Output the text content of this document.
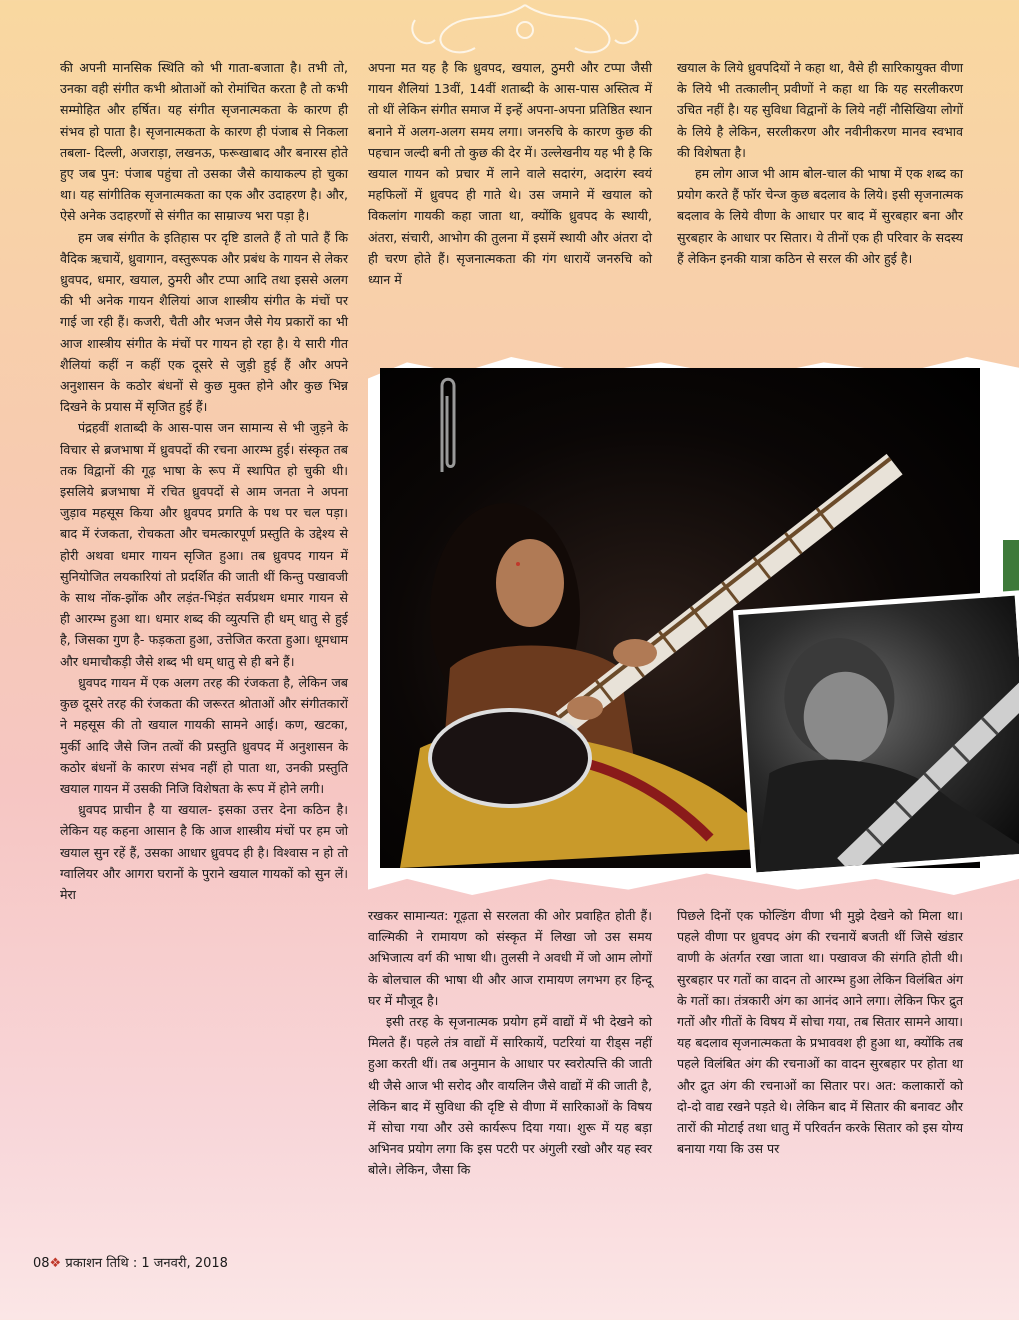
की अपनी मानसिक स्थिति को भी गाता-बजाता है। तभी तो, उनका वही संगीत कभी श्रोताओं को रोमांचित करता है तो कभी सम्मोहित और हर्षित। यह संगीत सृजनात्मकता के कारण ही संभव हो पाता है। सृजनात्मकता के कारण ही पंजाब से निकला तबला- दिल्ली, अजराड़ा, लखनऊ, फरूखाबाद और बनारस होते हुए जब पुन: पंजाब पहुंचा तो उसका जैसे कायाकल्प हो चुका था। यह सांगीतिक सृजनात्मकता का एक और उदाहरण है। और, ऐसे अनेक उदाहरणों से संगीत का साम्राज्य भरा पड़ा है।

हम जब संगीत के इतिहास पर दृष्टि डालते हैं तो पाते हैं कि वैदिक ऋचायें, ध्रुवागान, वस्तुरूपक और प्रबंध के गायन से लेकर ध्रुवपद, धमार, खयाल, ठुमरी और टप्पा आदि तथा इससे अलग की भी अनेक गायन शैलियां आज शास्त्रीय संगीत के मंचों पर गाई जा रही हैं। कजरी, चैती और भजन जैसे गेय प्रकारों का भी आज शास्त्रीय संगीत के मंचों पर गायन हो रहा है। ये सारी गीत शैलियां कहीं न कहीं एक दूसरे से जुड़ी हुई हैं और अपने अनुशासन के कठोर बंधनों से कुछ मुक्त होने और कुछ भिन्न दिखने के प्रयास में सृजित हुई हैं।

पंद्रहवीं शताब्दी के आस-पास जन सामान्य से भी जुड़ने के विचार से ब्रजभाषा में ध्रुवपदों की रचना आरम्भ हुई। संस्कृत तब तक विद्वानों की गूढ़ भाषा के रूप में स्थापित हो चुकी थी। इसलिये ब्रजभाषा में रचित ध्रुवपदों से आम जनता ने अपना जुड़ाव महसूस किया और ध्रुवपद प्रगति के पथ पर चल पड़ा। बाद में रंजकता, रोचकता और चमत्कारपूर्ण प्रस्तुति के उद्देश्य से होरी अथवा धमार गायन सृजित हुआ। तब ध्रुवपद गायन में सुनियोजित लयकारियां तो प्रदर्शित की जाती थीं किन्तु पखावजी के साथ नोंक-झोंक और लड़ंत-भिड़ंत सर्वप्रथम धमार गायन से ही आरम्भ हुआ था। धमार शब्द की व्युत्पत्ति ही धम् धातु से हुई है, जिसका गुण है- फड़कता हुआ, उत्तेजित करता हुआ। धूमधाम और धमाचौकड़ी जैसे शब्द भी धम् धातु से ही बने हैं।

ध्रुवपद गायन में एक अलग तरह की रंजकता है, लेकिन जब कुछ दूसरे तरह की रंजकता की जरूरत श्रोताओं और संगीतकारों ने महसूस की तो खयाल गायकी सामने आई। कण, खटका, मुर्की आदि जैसे जिन तत्वों की प्रस्तुति ध्रुवपद में अनुशासन के कठोर बंधनों के कारण संभव नहीं हो पाता था, उनकी प्रस्तुति खयाल गायन में उसकी निजि विशेषता के रूप में होने लगी।

ध्रुवपद प्राचीन है या खयाल- इसका उत्तर देना कठिन है। लेकिन यह कहना आसान है कि आज शास्त्रीय मंचों पर हम जो खयाल सुन रहें हैं, उसका आधार ध्रुवपद ही है। विश्वास न हो तो ग्वालियर और आगरा घरानों के पुराने खयाल गायकों को सुन लें। मेरा

अपना मत यह है कि ध्रुवपद, खयाल, ठुमरी और टप्पा जैसी गायन शैलियां 13वीं, 14वीं शताब्दी के आस-पास अस्तित्व में तो थीं लेकिन संगीत समाज में इन्हें अपना-अपना प्रतिष्ठित स्थान बनाने में अलग-अलग समय लगा। जनरुचि के कारण कुछ की पहचान जल्दी बनी तो कुछ की देर में। उल्लेखनीय यह भी है कि खयाल गायन को प्रचार में लाने वाले सदारंग, अदारंग स्वयं महफिलों में ध्रुवपद ही गाते थे। उस जमाने में खयाल को विकलांग गायकी कहा जाता था, क्योंकि ध्रुवपद के स्थायी, अंतरा, संचारी, आभोग की तुलना में इसमें स्थायी और अंतरा दो ही चरण होते हैं। सृजनात्मकता की गंग धारायें जनरुचि को ध्यान में

खयाल के लिये ध्रुवपदियों ने कहा था, वैसे ही सारिकायुक्त वीणा के लिये भी तत्कालीन् प्रवीणों ने कहा था कि यह सरलीकरण उचित नहीं है। यह सुविधा विद्वानों के लिये नहीं नौसिखिया लोगों के लिये है लेकिन, सरलीकरण और नवीनीकरण मानव स्वभाव की विशेषता है।

हम लोग आज भी आम बोल-चाल की भाषा में एक शब्द का प्रयोग करते हैं फॉर चेन्ज कुछ बदलाव के लिये। इसी सृजनात्मक बदलाव के लिये वीणा के आधार पर बाद में सुरबहार बना और सुरबहार के आधार पर सितार। ये तीनों एक ही परिवार के सदस्य हैं लेकिन इनकी यात्रा कठिन से सरल की ओर हुई है।

रखकर सामान्यत: गूढ़ता से सरलता की ओर प्रवाहित होती हैं। वाल्मिकी ने रामायण को संस्कृत में लिखा जो उस समय अभिजात्य वर्ग की भाषा थी। तुलसी ने अवधी में जो आम लोगों के बोलचाल की भाषा थी और आज रामायण लगभग हर हिन्दू घर में मौजूद है।

इसी तरह के सृजनात्मक प्रयोग हमें वाद्यों में भी देखने को मिलते हैं। पहले तंत्र वाद्यों में सारिकायें, पटरियां या रीड्स नहीं हुआ करती थीं। तब अनुमान के आधार पर स्वरोत्पत्ति की जाती थी जैसे आज भी सरोद और वायलिन जैसे वाद्यों में की जाती है, लेकिन बाद में सुविधा की दृष्टि से वीणा में सारिकाओं के विषय में सोचा गया और उसे कार्यरूप दिया गया। शुरू में यह बड़ा अभिनव प्रयोग लगा कि इस पटरी पर अंगुली रखो और यह स्वर बोले। लेकिन, जैसा कि

पिछले दिनों एक फोल्डिंग वीणा भी मुझे देखने को मिला था। पहले वीणा पर ध्रुवपद अंग की रचनायें बजती थीं जिसे खंडार वाणी के अंतर्गत रखा जाता था। पखावज की संगति होती थी। सुरबहार पर गतों का वादन तो आरम्भ हुआ लेकिन विलंबित अंग के गतों का। तंत्रकारी अंग का आनंद आने लगा। लेकिन फिर द्रुत गतों और गीतों के विषय में सोचा गया, तब सितार सामने आया। यह बदलाव सृजनात्मकता के प्रभाववश ही हुआ था, क्योंकि तब पहले विलंबित अंग की रचनाओं का वादन सुरबहार पर होता था और द्रुत अंग की रचनाओं का सितार पर। अत: कलाकारों को दो-दो वाद्य रखने पड़ते थे। लेकिन बाद में सितार की बनावट और तारों की मोटाई तथा धातु में परिवर्तन करके सितार को इस योग्य बनाया गया कि उस पर

08❖ प्रकाशन तिथि : 1 जनवरी, 2018
